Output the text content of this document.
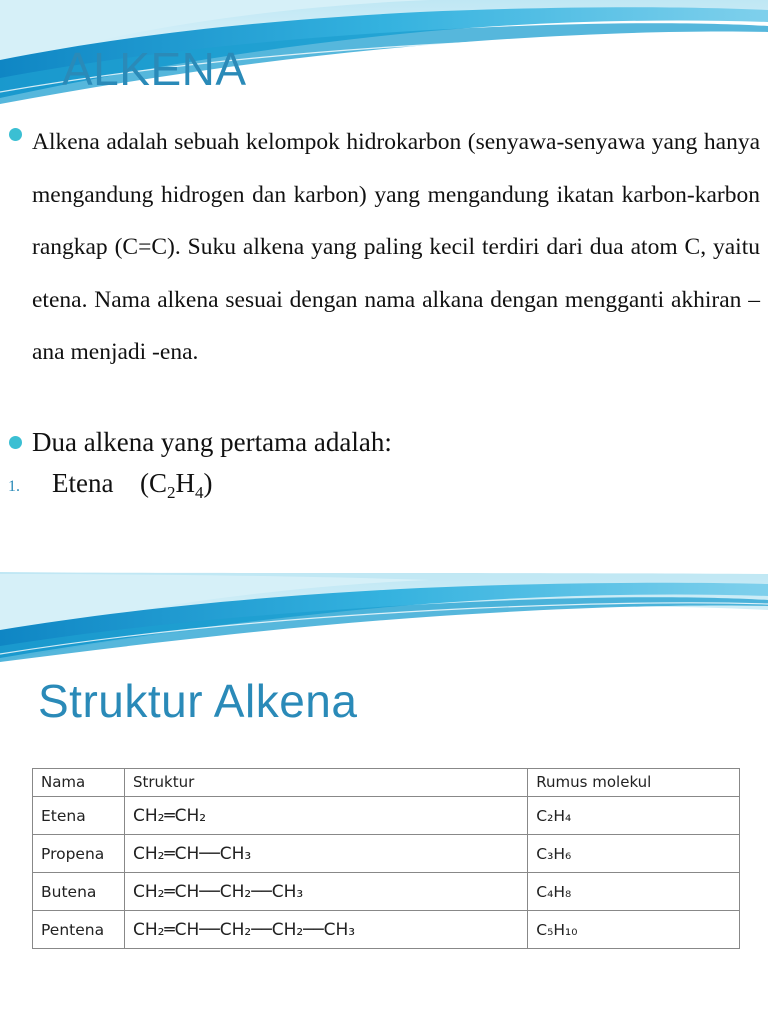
ALKENA

Alkena adalah sebuah kelompok hidrokarbon (senyawa-senyawa yang hanya mengandung hidrogen dan karbon) yang mengandung ikatan karbon-karbon rangkap (C=C). Suku alkena yang paling kecil terdiri dari dua atom C, yaitu etena. Nama alkena sesuai dengan nama alkana dengan mengganti akhiran – ana menjadi -ena.

Dua alkena yang pertama adalah:
1.	Etena $(C_2H_4)$
Struktur Alkena
Nama	Struktur	Rumus molekul
Etena	CH₂═CH₂	C₂H₄
Propena	CH₂═CH──CH₃	C₃H₆
Butena	CH₂═CH──CH₂──CH₃	C₄H₈
Pentena	CH₂═CH──CH₂──CH₂──CH₃	C₅H₁₀
